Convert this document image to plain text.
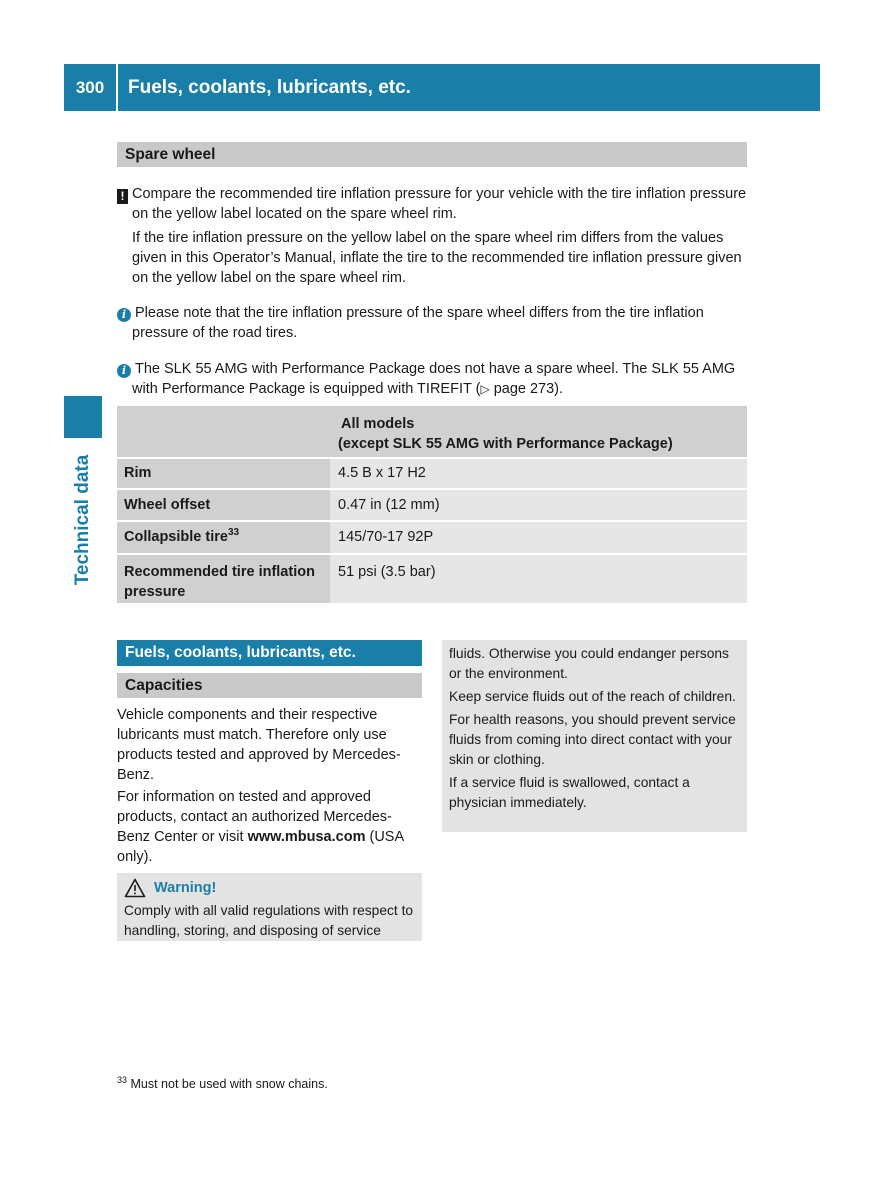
300	Fuels, coolants, lubricants, etc.
Technical data
Spare wheel
! Compare the recommended tire inflation pressure for your vehicle with the tire inflation pressure on the yellow label located on the spare wheel rim.
If the tire inflation pressure on the yellow label on the spare wheel rim differs from the values given in this Operator’s Manual, inflate the tire to the recommended tire inflation pressure given on the yellow label on the spare wheel rim.
i Please note that the tire inflation pressure of the spare wheel differs from the tire inflation pressure of the road tires.
i The SLK 55 AMG with Performance Package does not have a spare wheel. The SLK 55 AMG with Performance Package is equipped with TIREFIT (▷ page 273).

	All models
(except SLK 55 AMG with Performance Package)

Rim	4.5 B x 17 H2
Wheel offset	0.47 in (12 mm)
Collapsible tire$^{33}$	145/70-17 92P
Recommended tire inflation pressure	51 psi (3.5 bar)
Fuels, coolants, lubricants, etc.
Capacities
Vehicle components and their respective lubricants must match. Therefore only use products tested and approved by Mercedes-Benz.
For information on tested and approved products, contact an authorized Mercedes-Benz Center or visit www.mbusa.com (USA only).
Warning!
Comply with all valid regulations with respect to handling, storing, and disposing of service
fluids. Otherwise you could endanger persons or the environment.
Keep service fluids out of the reach of children.
For health reasons, you should prevent service fluids from coming into direct contact with your skin or clothing.
If a service fluid is swallowed, contact a physician immediately.
$^{33}$ Must not be used with snow chains.
